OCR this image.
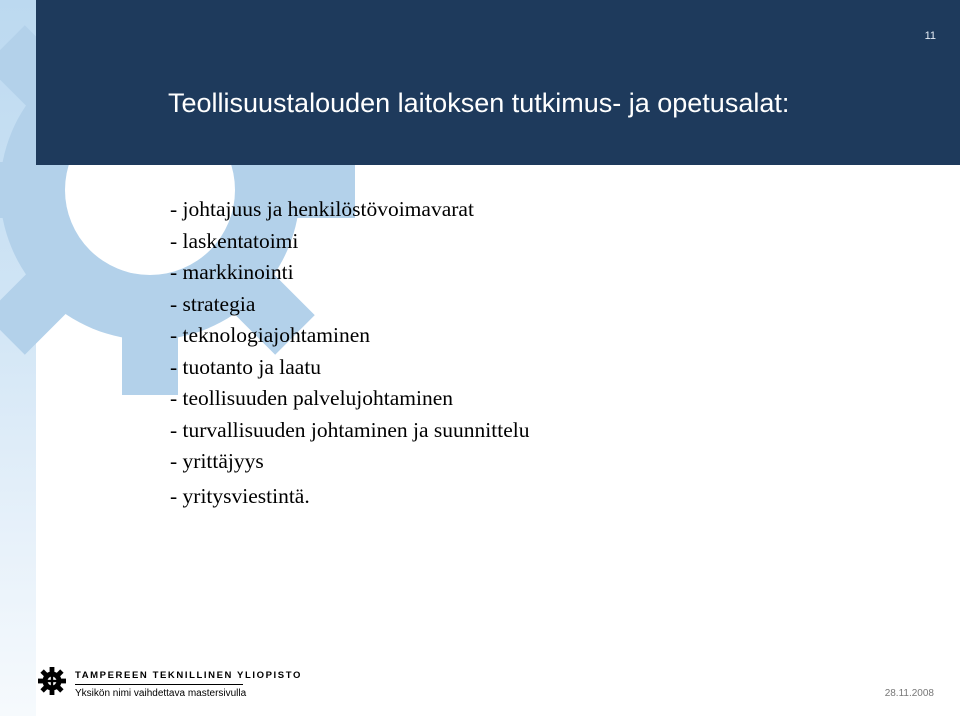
11
Teollisuustalouden laitoksen tutkimus- ja opetusalat:
- johtajuus ja henkilöstövoimavarat
- laskentatoimi
- markkinointi
- strategia
- teknologiajohtaminen
- tuotanto ja laatu
- teollisuuden palvelujohtaminen
- turvallisuuden johtaminen ja suunnittelu
- yrittäjyys
- yritysviestintä.
TAMPEREEN TEKNILLINEN YLIOPISTO
Yksikön nimi vaihdettava mastersivulla	28.11.2008
